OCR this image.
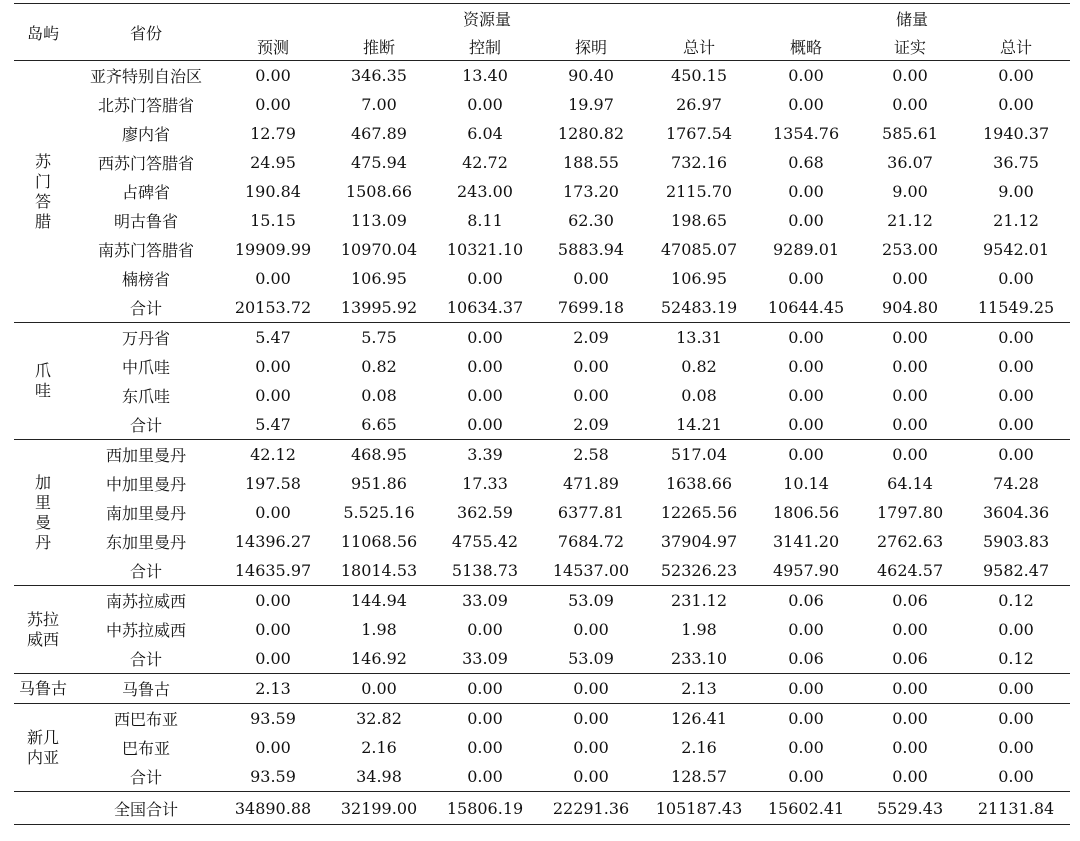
岛屿	省份	资源量					储量		
		预测	推断	控制	探明	总计	概略	证实	总计

苏
门
答
腊	亚齐特别自治区	0.00	346.35	13.40	90.40	450.15	0.00	0.00	0.00
	北苏门答腊省	0.00	7.00	0.00	19.97	26.97	0.00	0.00	0.00
	廖内省	12.79	467.89	6.04	1280.82	1767.54	1354.76	585.61	1940.37
	西苏门答腊省	24.95	475.94	42.72	188.55	732.16	0.68	36.07	36.75
	占碑省	190.84	1508.66	243.00	173.20	2115.70	0.00	9.00	9.00
	明古鲁省	15.15	113.09	8.11	62.30	198.65	0.00	21.12	21.12
	南苏门答腊省	19909.99	10970.04	10321.10	5883.94	47085.07	9289.01	253.00	9542.01
	楠榜省	0.00	106.95	0.00	0.00	106.95	0.00	0.00	0.00
	合计	20153.72	13995.92	10634.37	7699.18	52483.19	10644.45	904.80	11549.25

爪
哇	万丹省	5.47	5.75	0.00	2.09	13.31	0.00	0.00	0.00
	中爪哇	0.00	0.82	0.00	0.00	0.82	0.00	0.00	0.00
	东爪哇	0.00	0.08	0.00	0.00	0.08	0.00	0.00	0.00
	合计	5.47	6.65	0.00	2.09	14.21	0.00	0.00	0.00

加
里
曼
丹	西加里曼丹	42.12	468.95	3.39	2.58	517.04	0.00	0.00	0.00
	中加里曼丹	197.58	951.86	17.33	471.89	1638.66	10.14	64.14	74.28
	南加里曼丹	0.00	5.525.16	362.59	6377.81	12265.56	1806.56	1797.80	3604.36
	东加里曼丹	14396.27	11068.56	4755.42	7684.72	37904.97	3141.20	2762.63	5903.83
	合计	14635.97	18014.53	5138.73	14537.00	52326.23	4957.90	4624.57	9582.47

苏拉
威西	南苏拉威西	0.00	144.94	33.09	53.09	231.12	0.06	0.06	0.12
	中苏拉威西	0.00	1.98	0.00	0.00	1.98	0.00	0.00	0.00
	合计	0.00	146.92	33.09	53.09	233.10	0.06	0.06	0.12

马鲁古	马鲁古	2.13	0.00	0.00	0.00	2.13	0.00	0.00	0.00

新几
内亚	西巴布亚	93.59	32.82	0.00	0.00	126.41	0.00	0.00	0.00
	巴布亚	0.00	2.16	0.00	0.00	2.16	0.00	0.00	0.00
	合计	93.59	34.98	0.00	0.00	128.57	0.00	0.00	0.00
	全国合计	34890.88	32199.00	15806.19	22291.36	105187.43	15602.41	5529.43	21131.84
